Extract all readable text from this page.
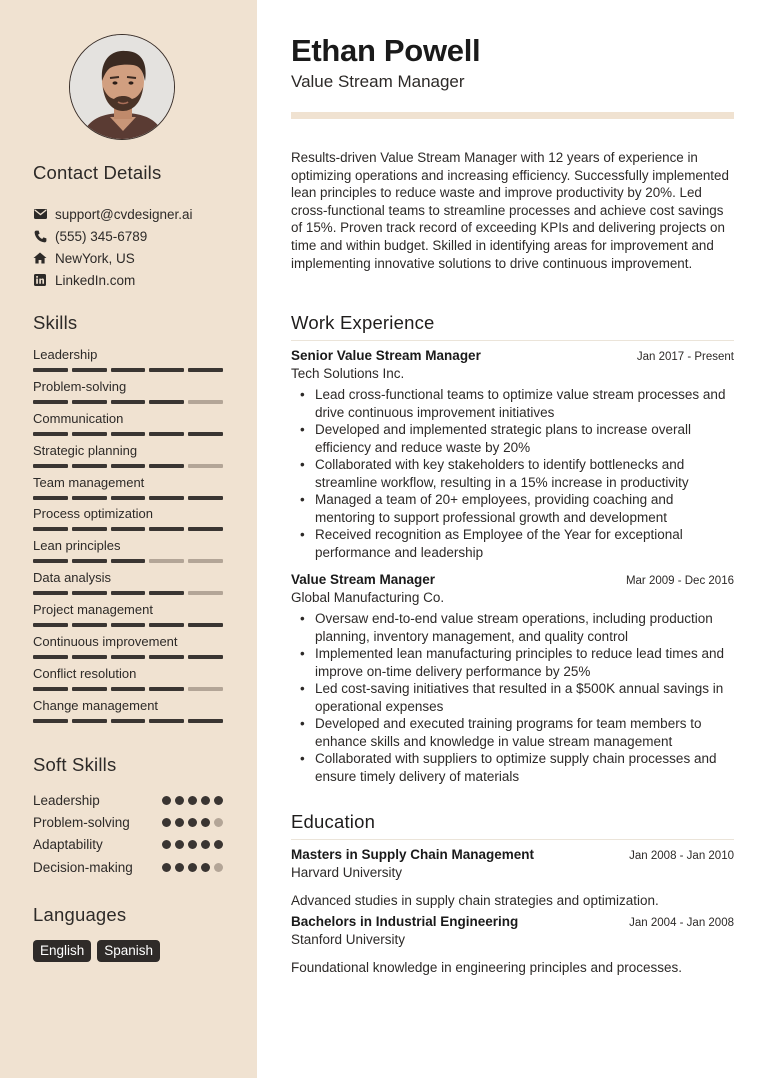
Contact Details
support@cvdesigner.ai
(555) 345-6789
NewYork, US
LinkedIn.com
Skills
Leadership
Problem-solving
Communication
Strategic planning
Team management
Process optimization
Lean principles
Data analysis
Project management
Continuous improvement
Conflict resolution
Change management
Soft Skills
Leadership
Problem-solving
Adaptability
Decision-making
Languages
English	Spanish
Ethan Powell
Value Stream Manager
Results-driven Value Stream Manager with 12 years of experience in optimizing operations and increasing efficiency. Successfully implemented lean principles to reduce waste and improve productivity by 20%. Led cross-functional teams to streamline processes and achieve cost savings of 15%. Proven track record of exceeding KPIs and delivering projects on time and within budget. Skilled in identifying areas for improvement and implementing innovative solutions to drive continuous improvement.
Work Experience
Senior Value Stream Manager	Jan 2017 - Present
Tech Solutions Inc.
• Lead cross-functional teams to optimize value stream processes and drive continuous improvement initiatives
• Developed and implemented strategic plans to increase overall efficiency and reduce waste by 20%
• Collaborated with key stakeholders to identify bottlenecks and streamline workflow, resulting in a 15% increase in productivity
• Managed a team of 20+ employees, providing coaching and mentoring to support professional growth and development
• Received recognition as Employee of the Year for exceptional performance and leadership
Value Stream Manager	Mar 2009 - Dec 2016
Global Manufacturing Co.
• Oversaw end-to-end value stream operations, including production planning, inventory management, and quality control
• Implemented lean manufacturing principles to reduce lead times and improve on-time delivery performance by 25%
• Led cost-saving initiatives that resulted in a $500K annual savings in operational expenses
• Developed and executed training programs for team members to enhance skills and knowledge in value stream management
• Collaborated with suppliers to optimize supply chain processes and ensure timely delivery of materials
Education
Masters in Supply Chain Management	Jan 2008 - Jan 2010
Harvard University
Advanced studies in supply chain strategies and optimization.
Bachelors in Industrial Engineering	Jan 2004 - Jan 2008
Stanford University
Foundational knowledge in engineering principles and processes.
